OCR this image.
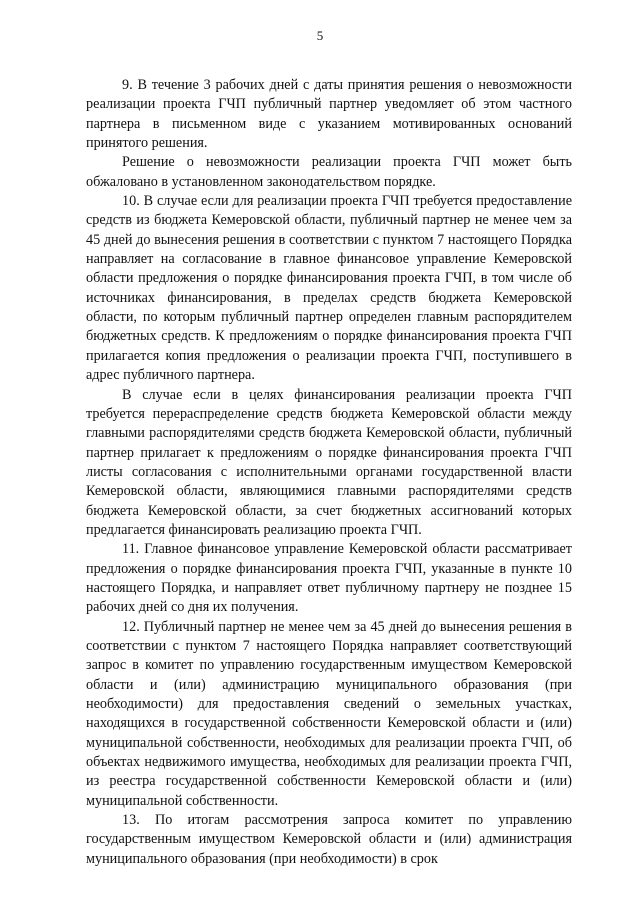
5

9. В течение 3 рабочих дней с даты принятия решения о невозможности реализации проекта ГЧП публичный партнер уведомляет об этом частного партнера в письменном виде с указанием мотивированных оснований принятого решения.

Решение о невозможности реализации проекта ГЧП может быть обжаловано в установленном законодательством порядке.

10. В случае если для реализации проекта ГЧП требуется предоставление средств из бюджета Кемеровской области, публичный партнер не менее чем за 45 дней до вынесения решения в соответствии с пунктом 7 настоящего Порядка направляет на согласование в главное финансовое управление Кемеровской области предложения о порядке финансирования проекта ГЧП, в том числе об источниках финансирования, в пределах средств бюджета Кемеровской области, по которым публичный партнер определен главным распорядителем бюджетных средств. К предложениям о порядке финансирования проекта ГЧП прилагается копия предложения о реализации проекта ГЧП, поступившего в адрес публичного партнера.

В случае если в целях финансирования реализации проекта ГЧП требуется перераспределение средств бюджета Кемеровской области между главными распорядителями средств бюджета Кемеровской области, публичный партнер прилагает к предложениям о порядке финансирования проекта ГЧП листы согласования с исполнительными органами государственной власти Кемеровской области, являющимися главными распорядителями средств бюджета Кемеровской области, за счет бюджетных ассигнований которых предлагается финансировать реализацию проекта ГЧП.

11. Главное финансовое управление Кемеровской области рассматривает предложения о порядке финансирования проекта ГЧП, указанные в пункте 10 настоящего Порядка, и направляет ответ публичному партнеру не позднее 15 рабочих дней со дня их получения.

12. Публичный партнер не менее чем за 45 дней до вынесения решения в соответствии с пунктом 7 настоящего Порядка направляет соответствующий запрос в комитет по управлению государственным имуществом Кемеровской области и (или) администрацию муниципального образования (при необходимости) для предоставления сведений о земельных участках, находящихся в государственной собственности Кемеровской области и (или) муниципальной собственности, необходимых для реализации проекта ГЧП, об объектах недвижимого имущества, необходимых для реализации проекта ГЧП, из реестра государственной собственности Кемеровской области и (или) муниципальной собственности.

13. По итогам рассмотрения запроса комитет по управлению государственным имуществом Кемеровской области и (или) администрация муниципального образования (при необходимости) в срок
